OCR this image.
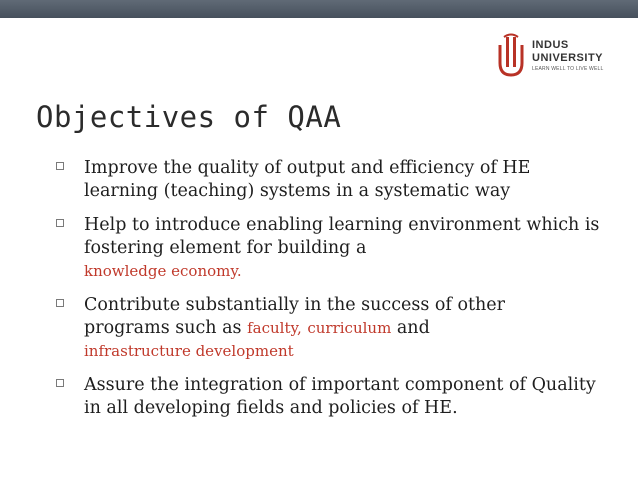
INDUS
UNIVERSITY
LEARN WELL TO LIVE WELL
Objectives of QAA
Improve the quality of output and efficiency of HE learning (teaching) systems in a systematic way
Help to introduce enabling learning environment which is fostering element for building a
knowledge economy.
Contribute substantially in the success of other
programs such as faculty, curriculum and
infrastructure development
Assure the integration of important component of Quality in all developing fields and policies of HE.
